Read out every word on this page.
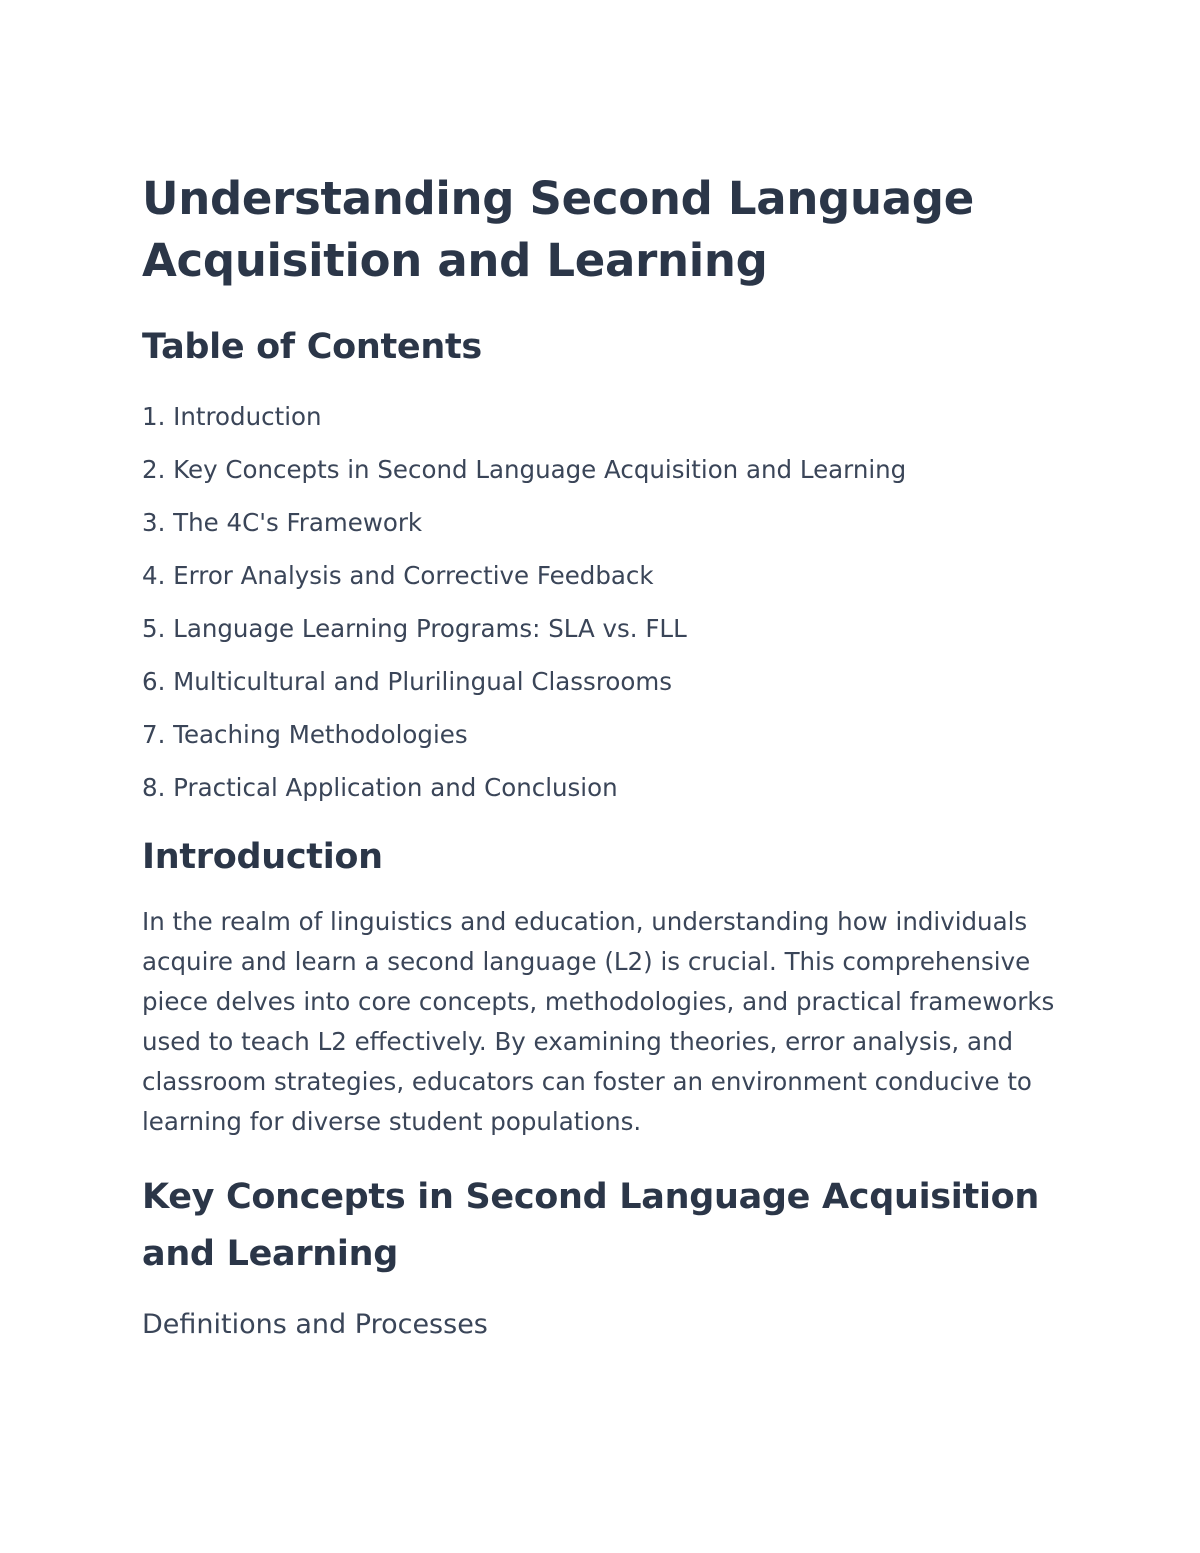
Understanding Second Language Acquisition and Learning
Table of Contents
1. Introduction
2. Key Concepts in Second Language Acquisition and Learning
3. The 4C's Framework
4. Error Analysis and Corrective Feedback
5. Language Learning Programs: SLA vs. FLL
6. Multicultural and Plurilingual Classrooms
7. Teaching Methodologies
8. Practical Application and Conclusion
Introduction

In the realm of linguistics and education, understanding how individuals acquire and learn a second language (L2) is crucial. This comprehensive piece delves into core concepts, methodologies, and practical frameworks used to teach L2 effectively. By examining theories, error analysis, and classroom strategies, educators can foster an environment conducive to learning for diverse student populations.

Key Concepts in Second Language Acquisition and Learning
Definitions and Processes
